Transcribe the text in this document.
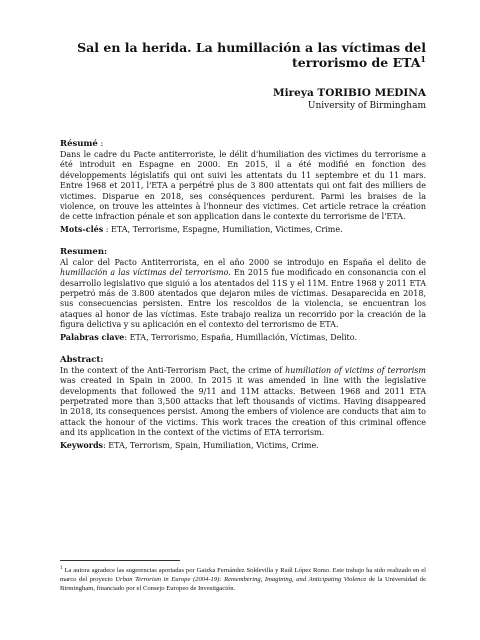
Sal en la herida. La humillación a las víctimas del terrorismo de ETA$^1$
Mireya TORIBIO MEDINA
University of Birmingham
Résumé :

Dans le cadre du Pacte antiterroriste, le délit d'humiliation des victimes du terrorisme a été introduit en Espagne en 2000. En 2015, il a été modifié en fonction des développements législatifs qui ont suivi les attentats du 11 septembre et du 11 mars. Entre 1968 et 2011, l'ETA a perpétré plus de 3 800 attentats qui ont fait des milliers de victimes. Disparue en 2018, ses conséquences perdurent. Parmi les braises de la violence, on trouve les atteintes à l'honneur des victimes. Cet article retrace la création de cette infraction pénale et son application dans le contexte du terrorisme de l'ETA.

Mots-clés : ETA, Terrorisme, Espagne, Humiliation, Victimes, Crime.
Resumen:

Al calor del Pacto Antiterrorista, en el año 2000 se introdujo en España el delito de humillación a las víctimas del terrorismo. En 2015 fue modificado en consonancia con el desarrollo legislativo que siguió a los atentados del 11S y el 11M. Entre 1968 y 2011 ETA perpetró más de 3.800 atentados que dejaron miles de víctimas. Desaparecida en 2018, sus consecuencias persisten. Entre los rescoldos de la violencia, se encuentran los ataques al honor de las víctimas. Este trabajo realiza un recorrido por la creación de la figura delictiva y su aplicación en el contexto del terrorismo de ETA.

Palabras clave: ETA, Terrorismo, España, Humillación, Víctimas, Delito.
Abstract:

In the context of the Anti-Terrorism Pact, the crime of humiliation of victims of terrorism was created in Spain in 2000. In 2015 it was amended in line with the legislative developments that followed the 9/11 and 11M attacks. Between 1968 and 2011 ETA perpetrated more than 3,500 attacks that left thousands of victims. Having disappeared in 2018, its consequences persist. Among the embers of violence are conducts that aim to attack the honour of the victims. This work traces the creation of this criminal offence and its application in the context of the victims of ETA terrorism.

Keywords: ETA, Terrorism, Spain, Humiliation, Victims, Crime.
$^1$ La autora agradece las sugerencias aportadas por Gaizka Fernández Soldevilla y Raúl López Romo. Este trabajo ha sido realizado en el marco del proyecto Urban Terrorism in Europe (2004-19): Remembering, Imagining, and Anticipating Violence de la Universidad de Birmingham, financiado por el Consejo Europeo de Investigación.
